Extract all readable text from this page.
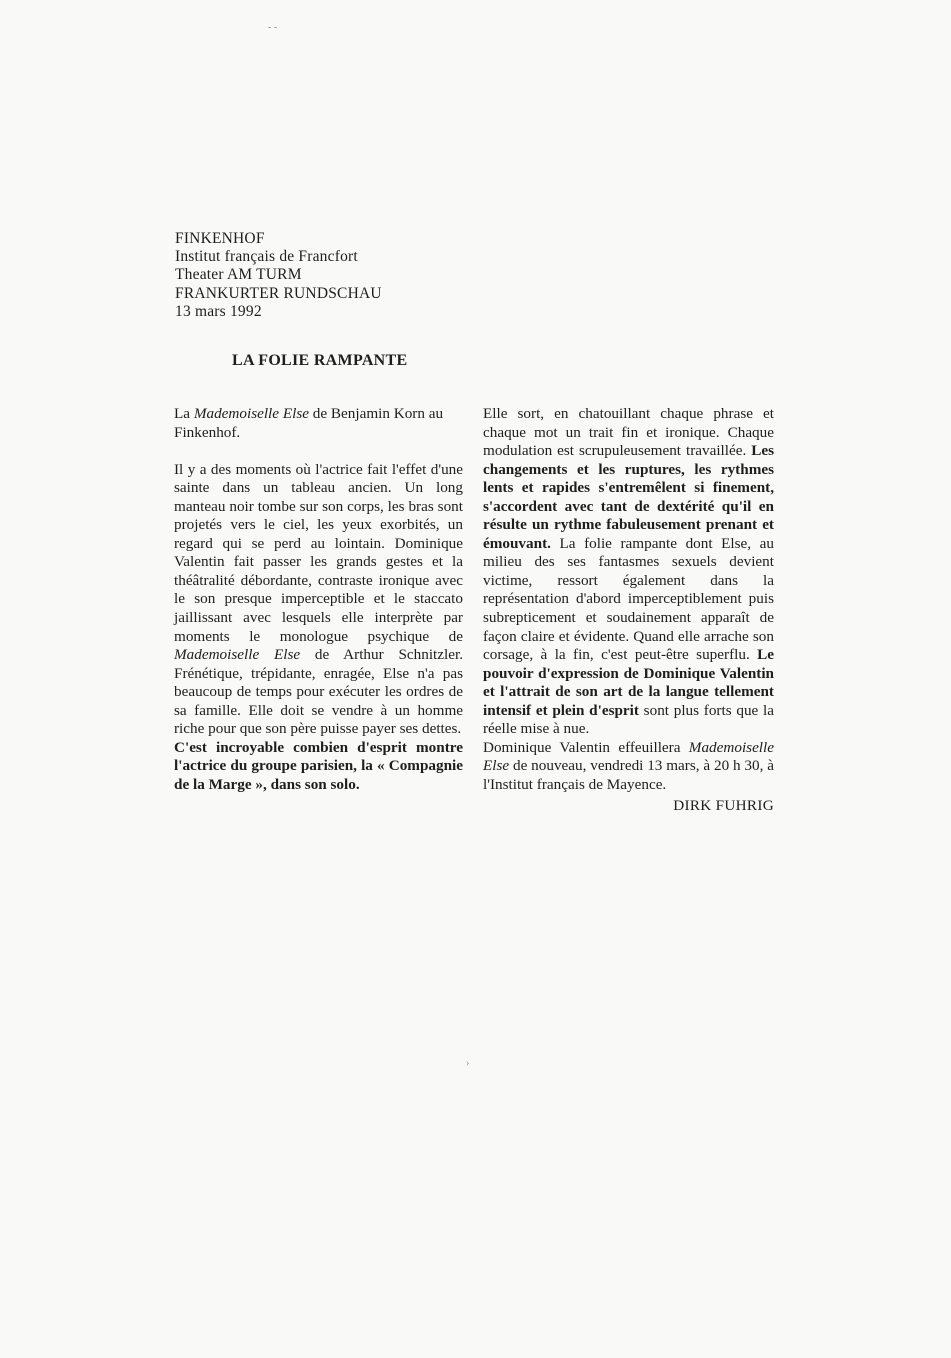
- -
FINKENHOF
Institut français de Francfort
Theater AM TURM
FRANKURTER RUNDSCHAU
13 mars 1992
LA FOLIE RAMPANTE

La Mademoiselle Else de Benjamin Korn au Finkenhof.

Il y a des moments où l'actrice fait l'effet d'une sainte dans un tableau ancien. Un long manteau noir tombe sur son corps, les bras sont projetés vers le ciel, les yeux exorbités, un regard qui se perd au lointain. Dominique Valentin fait passer les grands gestes et la théâtralité débordante, contraste ironique avec le son presque imperceptible et le staccato jaillissant avec lesquels elle interprète par moments le monologue psychique de Mademoiselle Else de Arthur Schnitzler. Frénétique, trépidante, enragée, Else n'a pas beaucoup de temps pour exécuter les ordres de sa famille. Elle doit se vendre à un homme riche pour que son père puisse payer ses dettes.

C'est incroyable combien d'esprit montre l'actrice du groupe parisien, la « Compagnie de la Marge », dans son solo.

Elle sort, en chatouillant chaque phrase et chaque mot un trait fin et ironique. Chaque modulation est scrupuleusement travaillée. Les changements et les ruptures, les rythmes lents et rapides s'entremêlent si finement, s'accordent avec tant de dextérité qu'il en résulte un rythme fabuleusement prenant et émouvant. La folie rampante dont Else, au milieu des ses fantasmes sexuels devient victime, ressort également dans la représentation d'abord imperceptiblement puis subrepticement et soudainement apparaît de façon claire et évidente. Quand elle arrache son corsage, à la fin, c'est peut-être superflu. Le pouvoir d'expression de Dominique Valentin et l'attrait de son art de la langue tellement intensif et plein d'esprit sont plus forts que la réelle mise à nue.

Dominique Valentin effeuillera Mademoiselle Else de nouveau, vendredi 13 mars, à 20 h 30, à l'Institut français de Mayence.

DIRK FUHRIG

›
